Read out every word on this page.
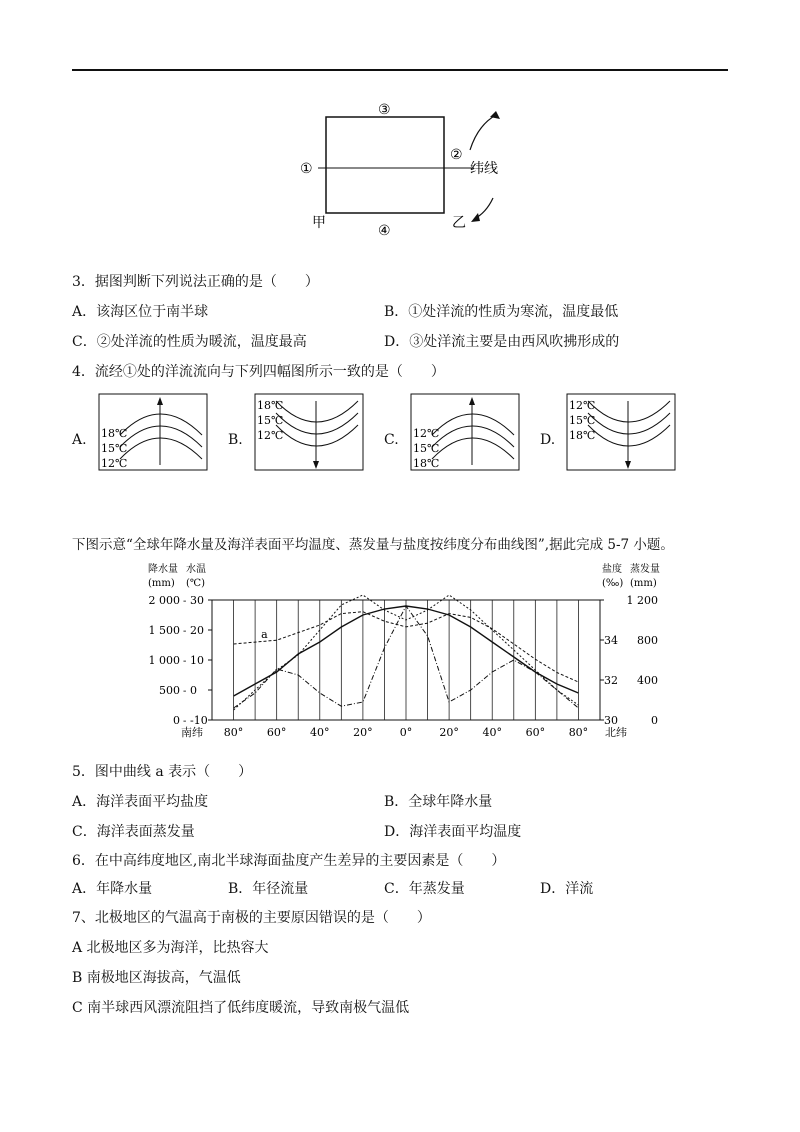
③
②
①
④
甲	乙
纬线
3．据图判断下列说法正确的是（　　）
A．该海区位于南半球	B．①处洋流的性质为寒流，温度最低
C．②处洋流的性质为暖流，温度最高	D．③处洋流主要是由西风吹拂形成的
4．流经①处的洋流流向与下列四幅图所示一致的是（　　）
A. 18℃
15℃
12℃
B.
18℃
15℃
12℃	C. 12℃
15℃
18℃
D.
12℃
15℃
18℃
下图示意“全球年降水量及海洋表面平均温度、蒸发量与盐度按纬度分布曲线图”,据此完成 5-7 小题。
降水量 水温
(mm) (℃)
盐度 蒸发量
(‰) (mm)
2 000 - 30
1 500 - 20
1 000 - 10
500 - 0
0 - -10
1 200
34 800
32 400
30	0
南纬 80° 60° 40° 20° 0° 20° 40° 60° 80° 北纬
a
5．图中曲线 a 表示（　　）
A．海洋表面平均盐度	B．全球年降水量
C．海洋表面蒸发量	D．海洋表面平均温度
6．在中高纬度地区,南北半球海面盐度产生差异的主要因素是（　　）
A．年降水量	B．年径流量	C．年蒸发量	D．洋流
7、北极地区的气温高于南极的主要原因错误的是（　　）
A 北极地区多为海洋，比热容大
B 南极地区海拔高，气温低
C 南半球西风漂流阻挡了低纬度暖流，导致南极气温低
